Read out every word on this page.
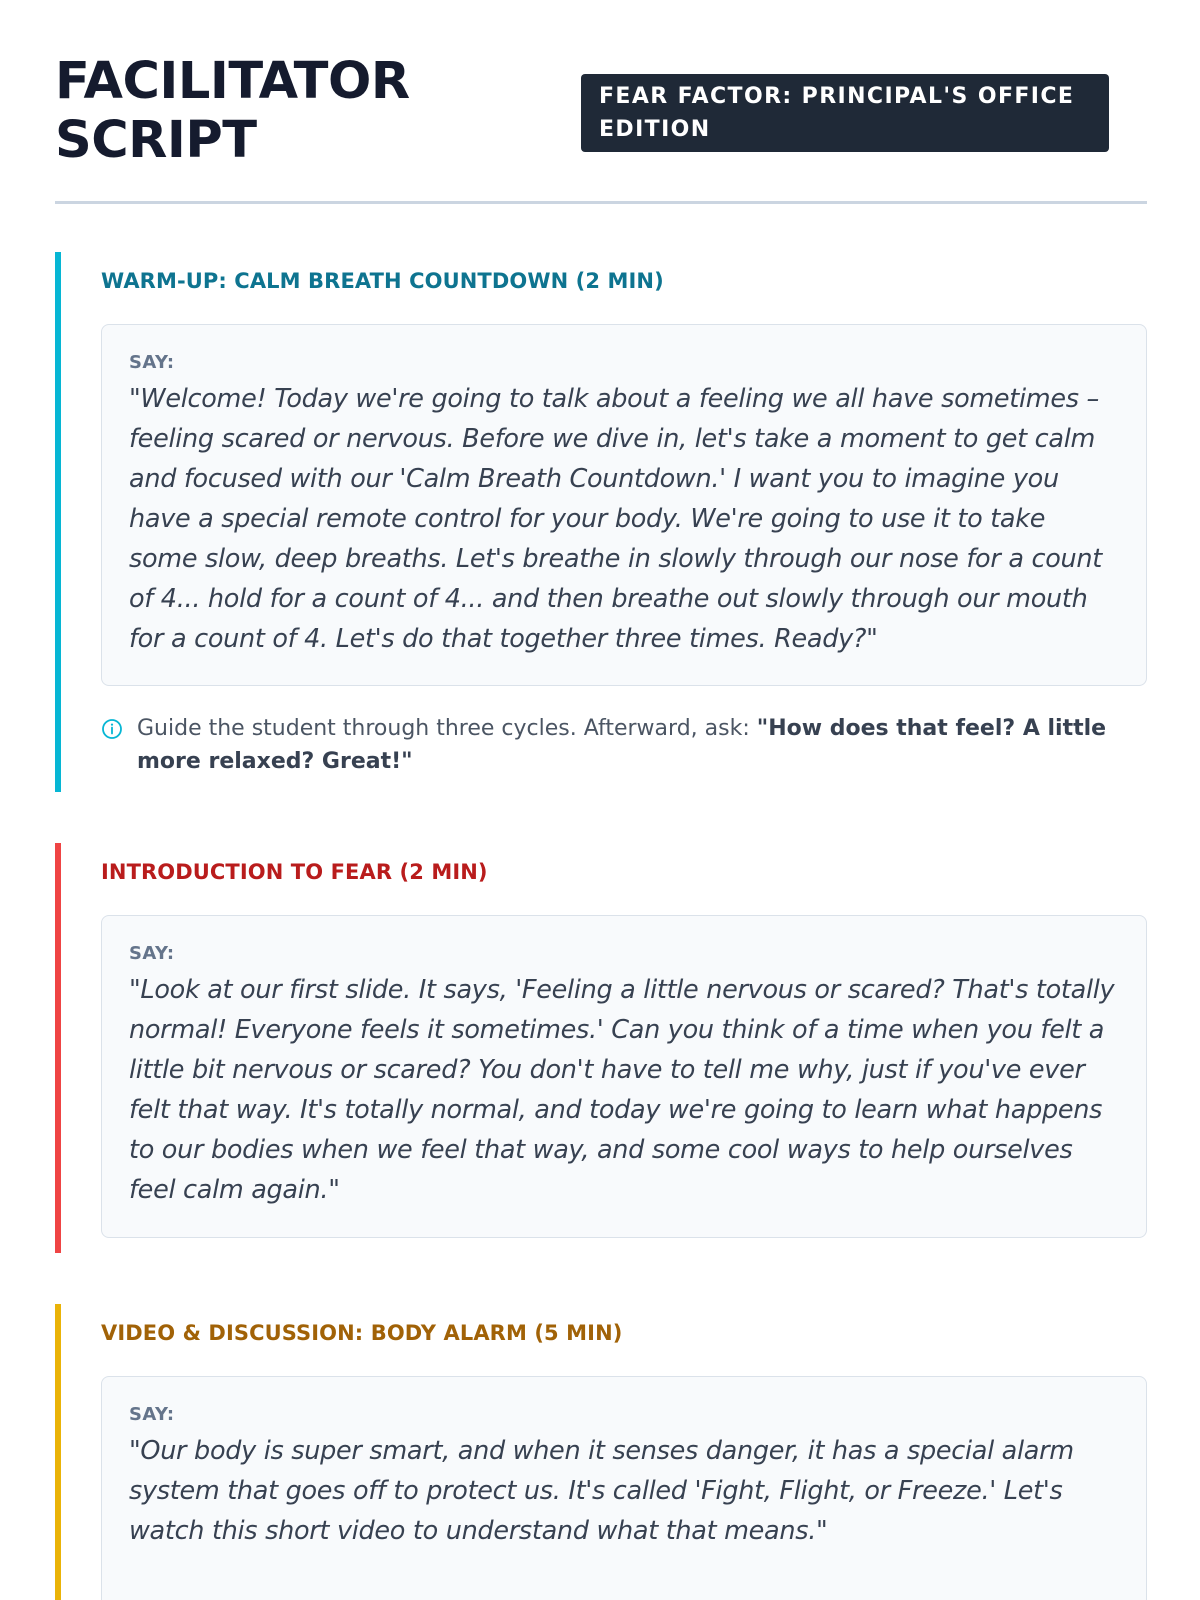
FACILITATOR SCRIPT
FEAR FACTOR: PRINCIPAL'S OFFICE EDITION
WARM-UP: CALM BREATH COUNTDOWN (2 MIN)
SAY:
"Welcome! Today we're going to talk about a feeling we all have sometimes – feeling scared or nervous. Before we dive in, let's take a moment to get calm and focused with our 'Calm Breath Countdown.' I want you to imagine you have a special remote control for your body. We're going to use it to take some slow, deep breaths. Let's breathe in slowly through our nose for a count of 4... hold for a count of 4... and then breathe out slowly through our mouth for a count of 4. Let's do that together three times. Ready?"
Guide the student through three cycles. Afterward, ask: "How does that feel? A little more relaxed? Great!"
INTRODUCTION TO FEAR (2 MIN)
SAY:
"Look at our first slide. It says, 'Feeling a little nervous or scared? That's totally normal! Everyone feels it sometimes.' Can you think of a time when you felt a little bit nervous or scared? You don't have to tell me why, just if you've ever felt that way. It's totally normal, and today we're going to learn what happens to our bodies when we feel that way, and some cool ways to help ourselves feel calm again."
VIDEO & DISCUSSION: BODY ALARM (5 MIN)
SAY:
"Our body is super smart, and when it senses danger, it has a special alarm system that goes off to protect us. It's called 'Fight, Flight, or Freeze.' Let's watch this short video to understand what that means."
